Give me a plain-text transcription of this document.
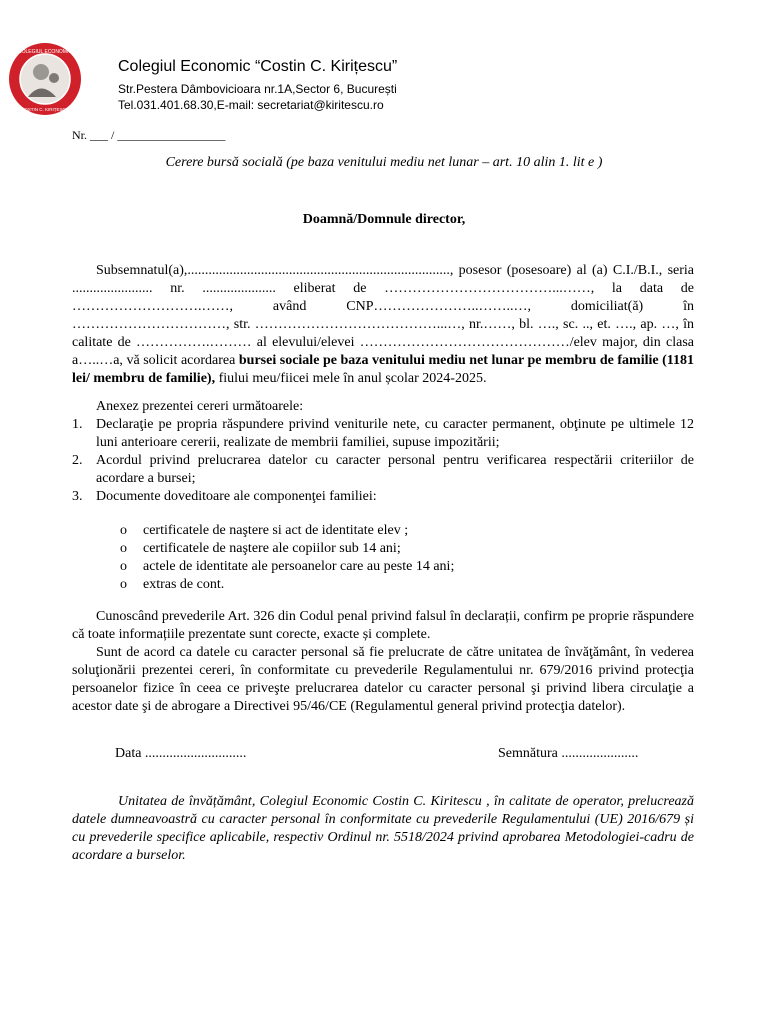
COLEGIUL ECONOMIC
COSTIN C. KIRIȚESCU
Colegiul Economic “Costin C. Kirițescu”
Str.Pestera Dâmbovicioara nr.1A,Sector 6, București
Tel.031.401.68.30,E-mail: secretariat@kiritescu.ro
Nr. ___ / __________________
Cerere bursă socială (pe baza venitului mediu net lunar – art. 10 alin 1. lit e )
Doamnă/Domnule director,

Subsemnatul(a),..........................................................................., posesor (posesoare) al (a) C.I./B.I., seria ....................... nr. ..................... eliberat de ………………………………...……, la data de ……………………….……, având CNP…………………..……..…, domiciliat(ă) în ……………………………, str. …………………………………...…, nr.……, bl. …., sc. .., et. …., ap. …, în calitate de …………….……… al elevului/elevei ………………………………………/elev major, din clasa a…..…a, vă solicit acordarea bursei sociale pe baza venitului mediu net lunar pe membru de familie (1181 lei/ membru de familie), fiului meu/fiicei mele în anul școlar 2024-2025.

Anexez prezentei cereri următoarele:

1. Declaraţie pe propria răspundere privind veniturile nete, cu caracter permanent, obţinute pe ultimele 12 luni anterioare cererii, realizate de membrii familiei, supuse impozitării;
2. Acordul privind prelucrarea datelor cu caracter personal pentru verificarea respectării criteriilor de acordare a bursei;
3. Documente doveditoare ale componenţei familiei:
o certificatele de naştere si act de identitate elev ;
o certificatele de naştere ale copiilor sub 14 ani;
o actele de identitate ale persoanelor care au peste 14 ani;
o extras de cont.

Cunoscând prevederile Art. 326 din Codul penal privind falsul în declarații, confirm pe proprie răspundere că toate informațiile prezentate sunt corecte, exacte și complete.

Sunt de acord ca datele cu caracter personal să fie prelucrate de către unitatea de învăţământ, în vederea soluţionării prezentei cereri, în conformitate cu prevederile Regulamentului nr. 679/2016 privind protecţia persoanelor fizice în ceea ce priveşte prelucrarea datelor cu caracter personal şi privind libera circulaţie a acestor date şi de abrogare a Directivei 95/46/CE (Regulamentul general privind protecţia datelor).

Data .............................	Semnătura ......................
Unitatea de învățământ, Colegiul Economic Costin C. Kiritescu , în calitate de operator, prelucrează datele dumneavoastră cu caracter personal în conformitate cu prevederile Regulamentului (UE) 2016/679 și cu prevederile specifice aplicabile, respectiv Ordinul nr. 5518/2024 privind aprobarea Metodologiei-cadru de acordare a burselor.
